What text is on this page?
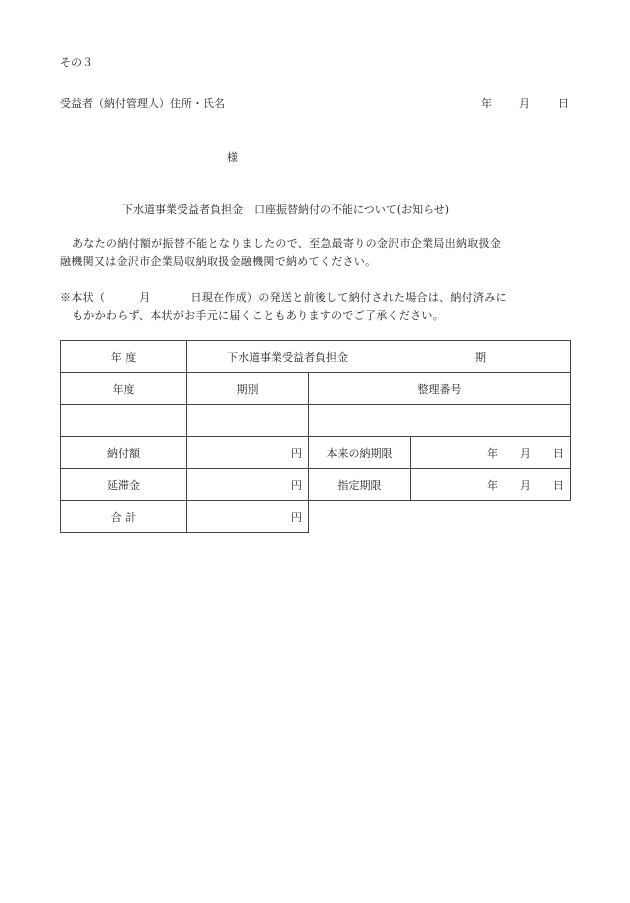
その３
受益者（納付管理人）住所・氏名	年 月	日
様
下水道事業受益者負担金　口座振替納付の不能について(お知らせ)
あなたの納付額が振替不能となりましたので、至急最寄りの金沢市企業局出納取扱金
融機関又は金沢市企業局収納取扱金融機関で納めてください。
※本状（	月	日現在作成）の発送と前後して納付された場合は、納付済みに
もかかわらず、本状がお手元に届くこともありますのでご了承ください。
年 度	下水道事業受益者負担金 期		
年度	期別	整理番号	

納付額	円	本来の納期限	年 月 日
延滞金	円	指定期限	年 月 日
合 計	円		
